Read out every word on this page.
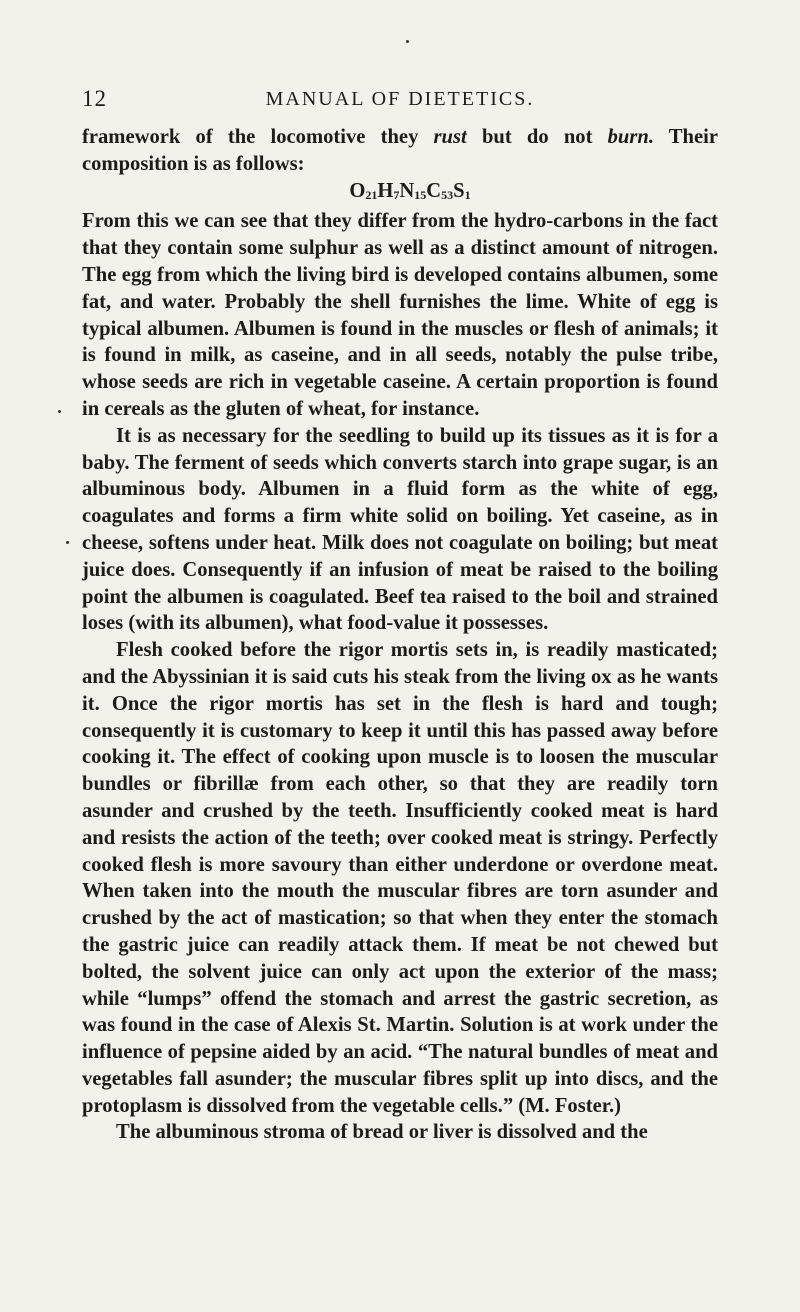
12	MANUAL OF DIETETICS.

framework of the locomotive they rust but do not burn. Their composition is as follows:

$O_{21}H_7N_{15}C_{53}S_1$

From this we can see that they differ from the hydro-carbons in the fact that they contain some sulphur as well as a distinct amount of nitrogen. The egg from which the living bird is developed contains albumen, some fat, and water. Probably the shell furnishes the lime. White of egg is typical albumen. Albumen is found in the muscles or flesh of animals; it is found in milk, as caseine, and in all seeds, notably the pulse tribe, whose seeds are rich in vegetable caseine. A certain proportion is found in cereals as the gluten of wheat, for instance.

It is as necessary for the seedling to build up its tissues as it is for a baby. The ferment of seeds which converts starch into grape sugar, is an albuminous body. Albumen in a fluid form as the white of egg, coagulates and forms a firm white solid on boiling. Yet caseine, as in cheese, softens under heat. Milk does not coagulate on boiling; but meat juice does. Consequently if an infusion of meat be raised to the boiling point the albumen is coagulated. Beef tea raised to the boil and strained loses (with its albumen), what food-value it possesses.

Flesh cooked before the rigor mortis sets in, is readily masticated; and the Abyssinian it is said cuts his steak from the living ox as he wants it. Once the rigor mortis has set in the flesh is hard and tough; consequently it is customary to keep it until this has passed away before cooking it. The effect of cooking upon muscle is to loosen the muscular bundles or fibrillæ from each other, so that they are readily torn asunder and crushed by the teeth. Insufficiently cooked meat is hard and resists the action of the teeth; over cooked meat is stringy. Perfectly cooked flesh is more savoury than either underdone or overdone meat. When taken into the mouth the muscular fibres are torn asunder and crushed by the act of mastication; so that when they enter the stomach the gastric juice can readily attack them. If meat be not chewed but bolted, the solvent juice can only act upon the exterior of the mass; while “lumps” offend the stomach and arrest the gastric secretion, as was found in the case of Alexis St. Martin. Solution is at work under the influence of pepsine aided by an acid. “The natural bundles of meat and vegetables fall asunder; the muscular fibres split up into discs, and the protoplasm is dissolved from the vegetable cells.” (M. Foster.)

The albuminous stroma of bread or liver is dissolved and the
